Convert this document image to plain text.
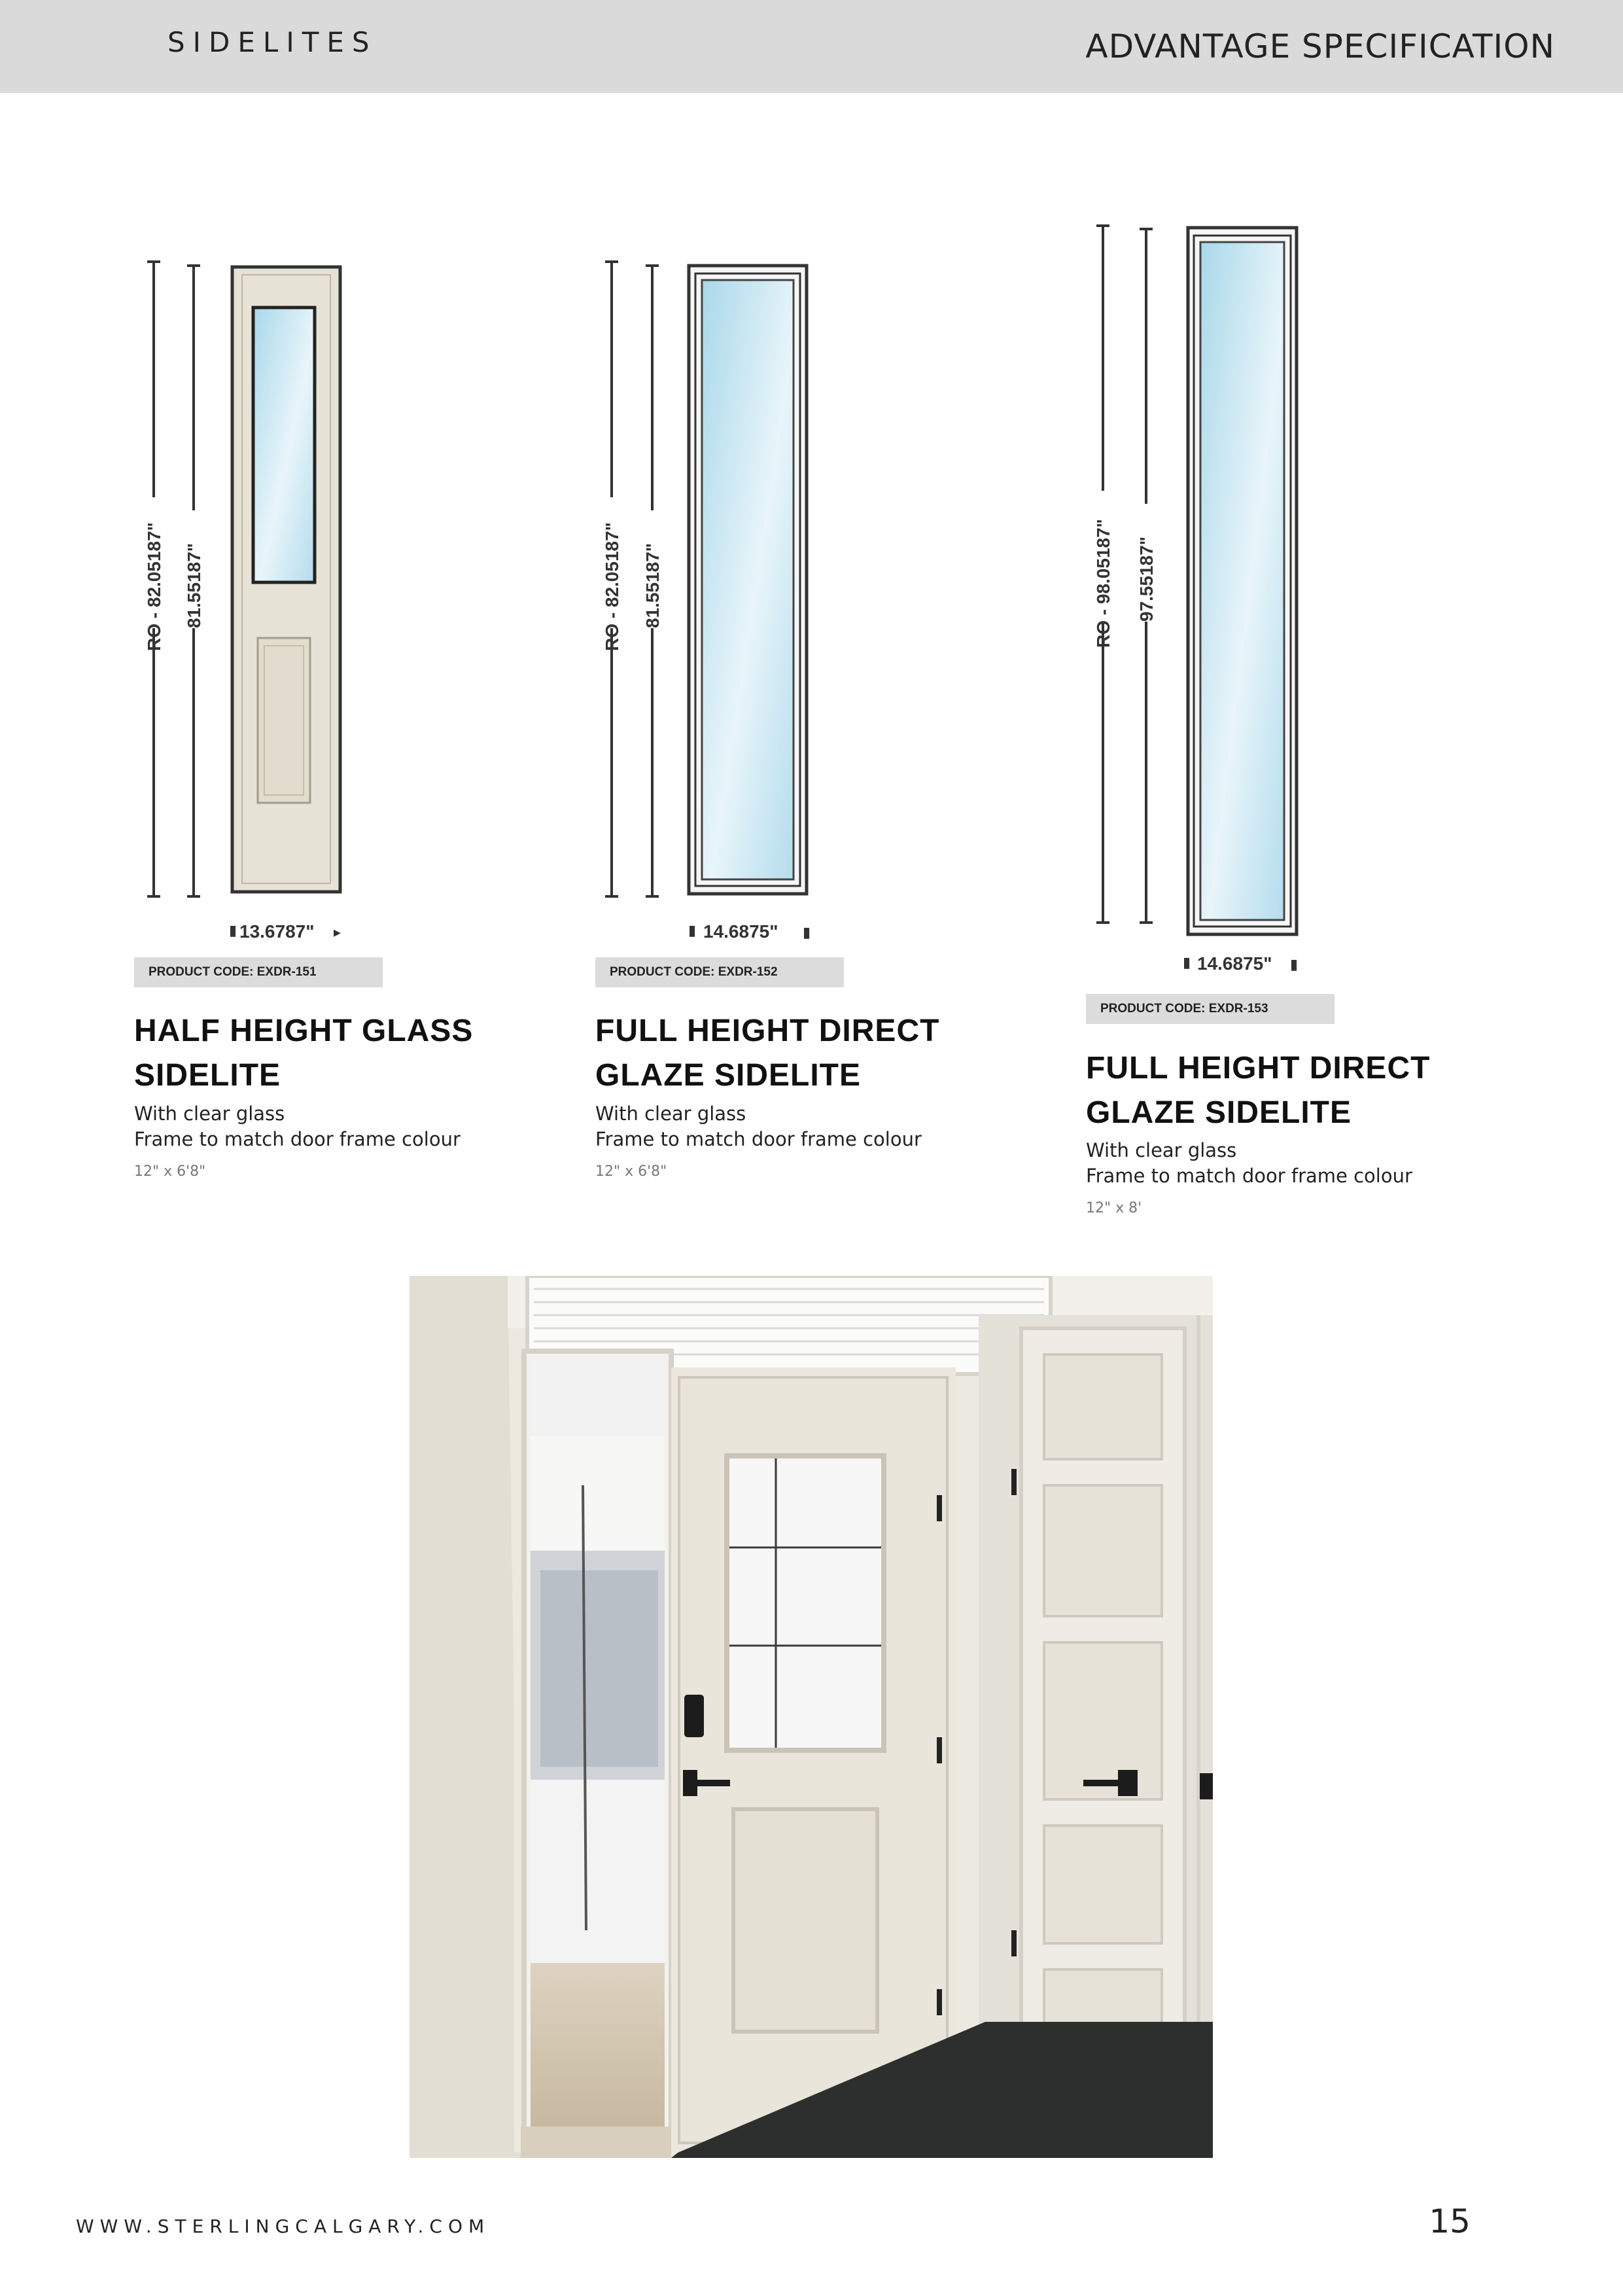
SIDELITES	ADVANTAGE SPECIFICATION
RO - 82.05187" 81.55187"
▮ 13.6787" ▸
RO - 82.05187" 81.55187"
▮ 14.6875" ▮
RO - 98.05187" 97.55187"
▮ 14.6875" ▮
PRODUCT CODE: EXDR-151
HALF HEIGHT GLASS
SIDELITE
With clear glass
Frame to match door frame colour
12" x 6'8"
PRODUCT CODE: EXDR-152
FULL HEIGHT DIRECT
GLAZE SIDELITE
With clear glass
Frame to match door frame colour
12" x 6'8"
PRODUCT CODE: EXDR-153
FULL HEIGHT DIRECT
GLAZE SIDELITE
With clear glass
Frame to match door frame colour
12" x 8'
WWW.STERLINGCALGARY.COM	15
